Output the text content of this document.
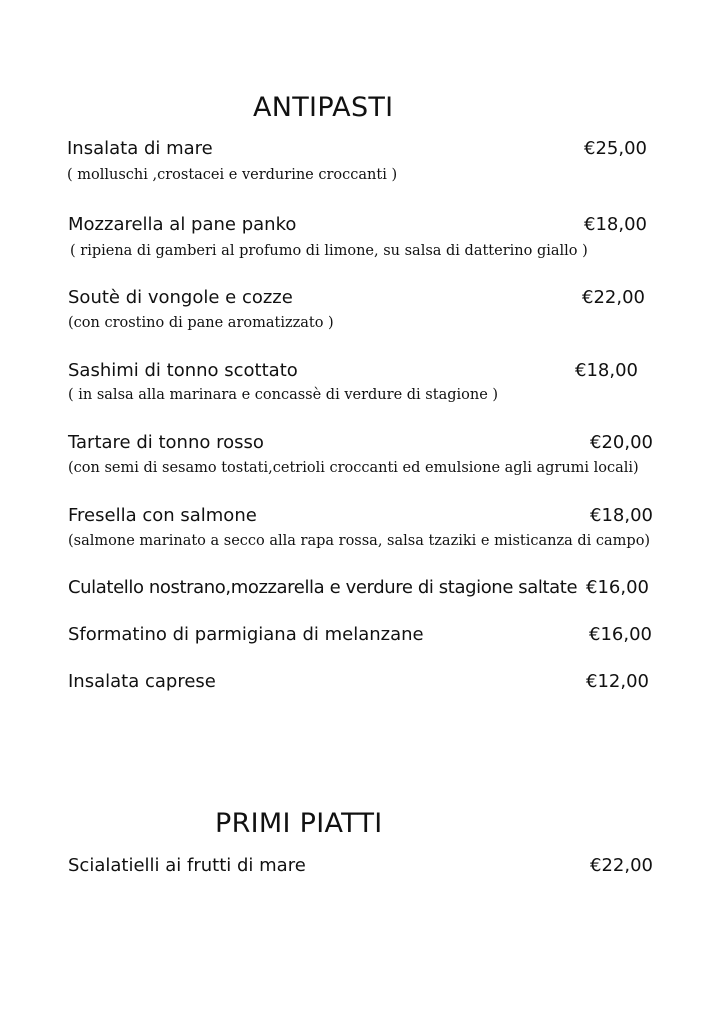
ANTIPASTI
Insalata di mare	€25,00
( molluschi ,crostacei e verdurine croccanti )
Mozzarella al pane panko	€18,00
( ripiena di gamberi al profumo di limone, su salsa di datterino giallo )
Soutè di vongole e cozze	€22,00
(con crostino di pane aromatizzato )
Sashimi di tonno scottato	€18,00
( in salsa alla marinara e concassè di verdure di stagione )
Tartare di tonno rosso	€20,00
(con semi di sesamo tostati,cetrioli croccanti ed emulsione agli agrumi locali)
Fresella con salmone	€18,00
(salmone marinato a secco alla rapa rossa, salsa tzaziki e misticanza di campo)
Culatello nostrano,mozzarella e verdure di stagione saltate €16,00
Sformatino di parmigiana di melanzane	€16,00
Insalata caprese	€12,00
PRIMI PIATTI
Scialatielli ai frutti di mare	€22,00
